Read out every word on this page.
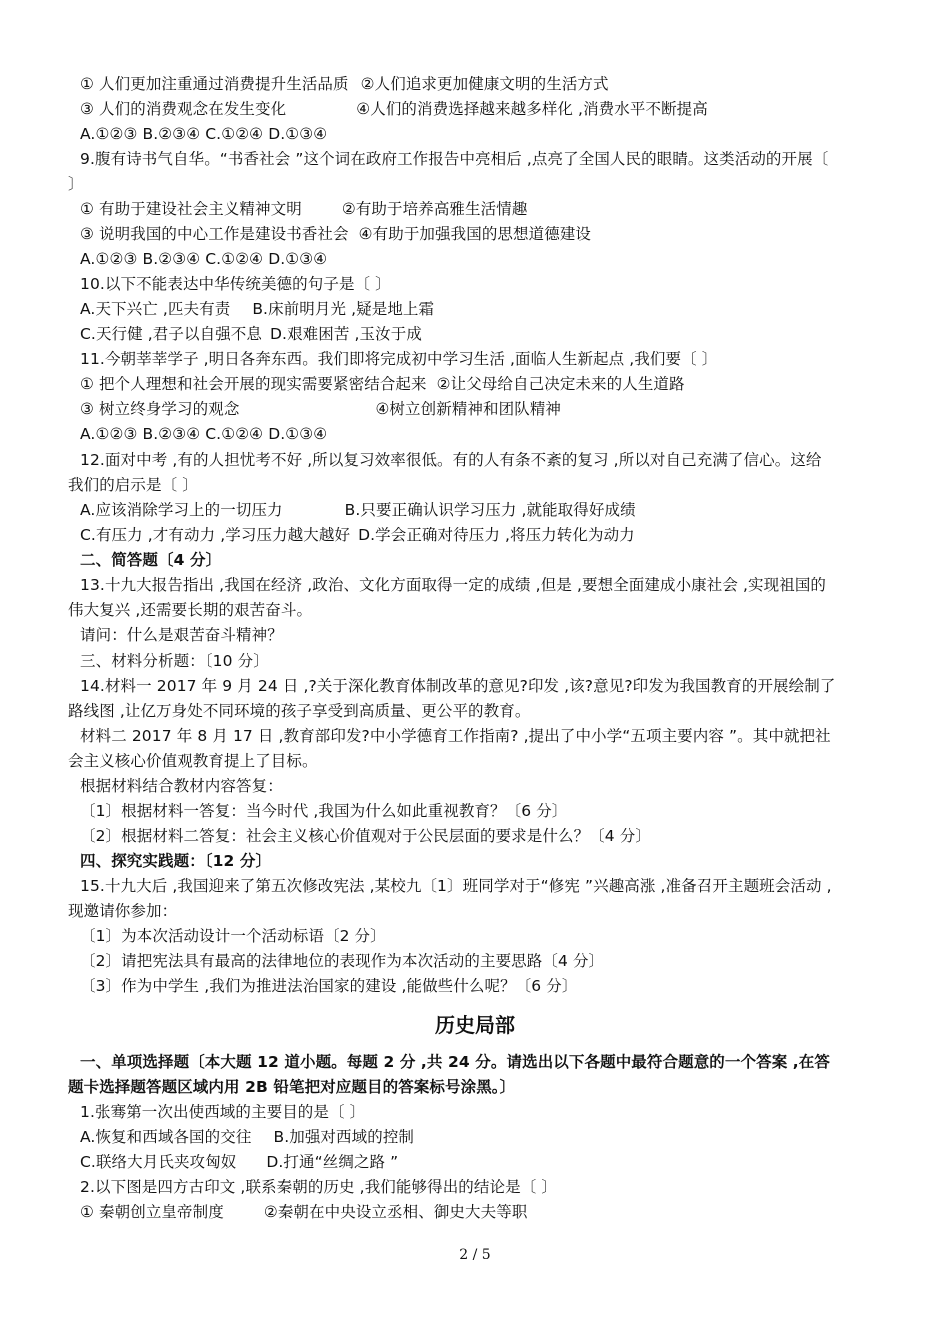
① 人们更加注重通过消费提升生活品质 ②人们追求更加健康文明的生活方式
③ 人们的消费观念在发生变化	④人们的消费选择越来越多样化 ,消费水平不断提高
A.①②③ B.②③④ C.①②④ D.①③④
9.腹有诗书气自华。“书香社会 ”这个词在政府工作报告中亮相后 ,点亮了全国人民的眼睛。这类活动的开展〔
〕
① 有助于建设社会主义精神文明	②有助于培养高雅生活情趣
③ 说明我国的中心工作是建设书香社会 ④有助于加强我国的思想道德建设
A.①②③ B.②③④ C.①②④ D.①③④
10.以下不能表达中华传统美德的句子是〔 〕
A.天下兴亡 ,匹夫有责 B.床前明月光 ,疑是地上霜
C.天行健 ,君子以自强不息 D.艰难困苦 ,玉汝于成
11.今朝莘莘学子 ,明日各奔东西。我们即将完成初中学习生活 ,面临人生新起点 ,我们要〔 〕
① 把个人理想和社会开展的现实需要紧密结合起来 ②让父母给自己决定未来的人生道路
③ 树立终身学习的观念	④树立创新精神和团队精神
A.①②③ B.②③④ C.①②④ D.①③④
12.面对中考 ,有的人担忧考不好 ,所以复习效率很低。有的人有条不紊的复习 ,所以对自己充满了信心。这给
我们的启示是〔 〕
A.应该消除学习上的一切压力	B.只要正确认识学习压力 ,就能取得好成绩
C.有压力 ,才有动力 ,学习压力越大越好 D.学会正确对待压力 ,将压力转化为动力
二、简答题〔4 分〕
13.十九大报告指出 ,我国在经济 ,政治、文化方面取得一定的成绩 ,但是 ,要想全面建成小康社会 ,实现祖国的
伟大复兴 ,还需要长期的艰苦奋斗。
请问：什么是艰苦奋斗精神？
三、材料分析题：〔10 分〕
14.材料一 2017 年 9 月 24 日 ,?关于深化教育体制改革的意见?印发 ,该?意见?印发为我国教育的开展绘制了
路线图 ,让亿万身处不同环境的孩子享受到高质量、更公平的教育。
材料二 2017 年 8 月 17 日 ,教育部印发?中小学德育工作指南? ,提出了中小学“五项主要内容 ”。其中就把社
会主义核心价值观教育提上了目标。
根据材料结合教材内容答复：
〔1〕根据材料一答复：当今时代 ,我国为什么如此重视教育？〔6 分〕
〔2〕根据材料二答复：社会主义核心价值观对于公民层面的要求是什么？〔4 分〕
四、探究实践题：〔12 分〕
15.十九大后 ,我国迎来了第五次修改宪法 ,某校九〔1〕班同学对于“修宪 ”兴趣高涨 ,准备召开主题班会活动 ,
现邀请你参加：
〔1〕为本次活动设计一个活动标语〔2 分〕
〔2〕请把宪法具有最高的法律地位的表现作为本次活动的主要思路〔4 分〕
〔3〕作为中学生 ,我们为推进法治国家的建设 ,能做些什么呢？〔6 分〕
历史局部
一、单项选择题〔本大题 12 道小题。每题 2 分 ,共 24 分。请选出以下各题中最符合题意的一个答案 ,在答
题卡选择题答题区域内用 2B 铅笔把对应题目的答案标号涂黑。〕
1.张骞第一次出使西域的主要目的是〔 〕
A.恢复和西域各国的交往 B.加强对西域的控制
C.联络大月氏夹攻匈奴 D.打通“丝绸之路 ”
2.以下图是四方古印文 ,联系秦朝的历史 ,我们能够得出的结论是〔 〕
① 秦朝创立皇帝制度	②秦朝在中央设立丞相、御史大夫等职
2 / 5
